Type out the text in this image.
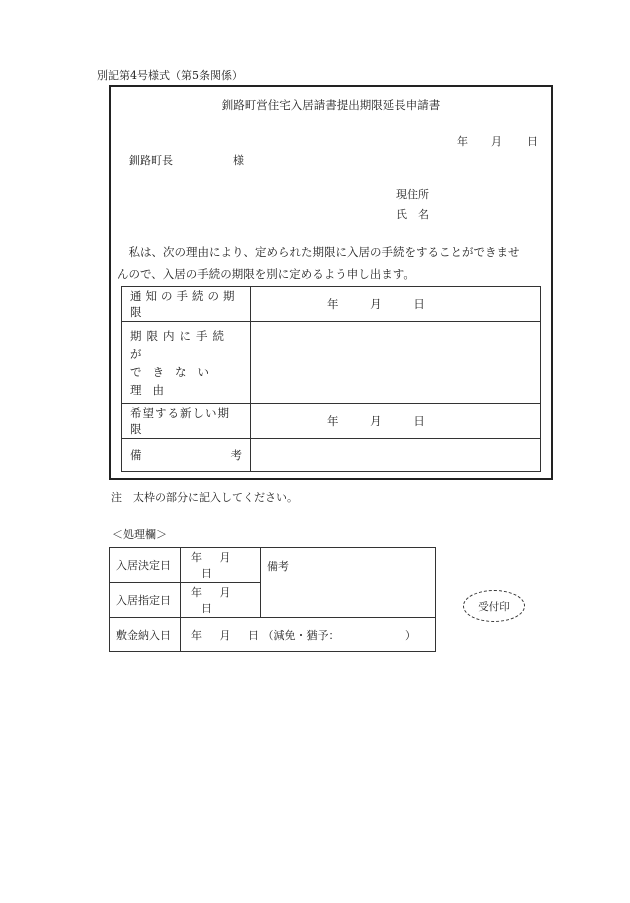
別記第4号様式（第5条関係）
釧路町営住宅入居請書提出期限延長申請書
年 月 日
釧路町長	様
現住所
氏　名
　私は、次の理由により、定められた期限に入居の手続をすることができませ
んので、入居の手続の期限を別に定めるよう申し出ます。
通知の手続の期限	年 月 日

期限内に手続が
できない理由	

希望する新しい期限	年 月 日
備 考	

注　太枠の部分に記入してください。
＜処理欄＞
入居決定日	年 月 日	備考
入居指定日	年 月 日	
敷金納入日	年 月 日 （減免・猶予： ）	
受付印
